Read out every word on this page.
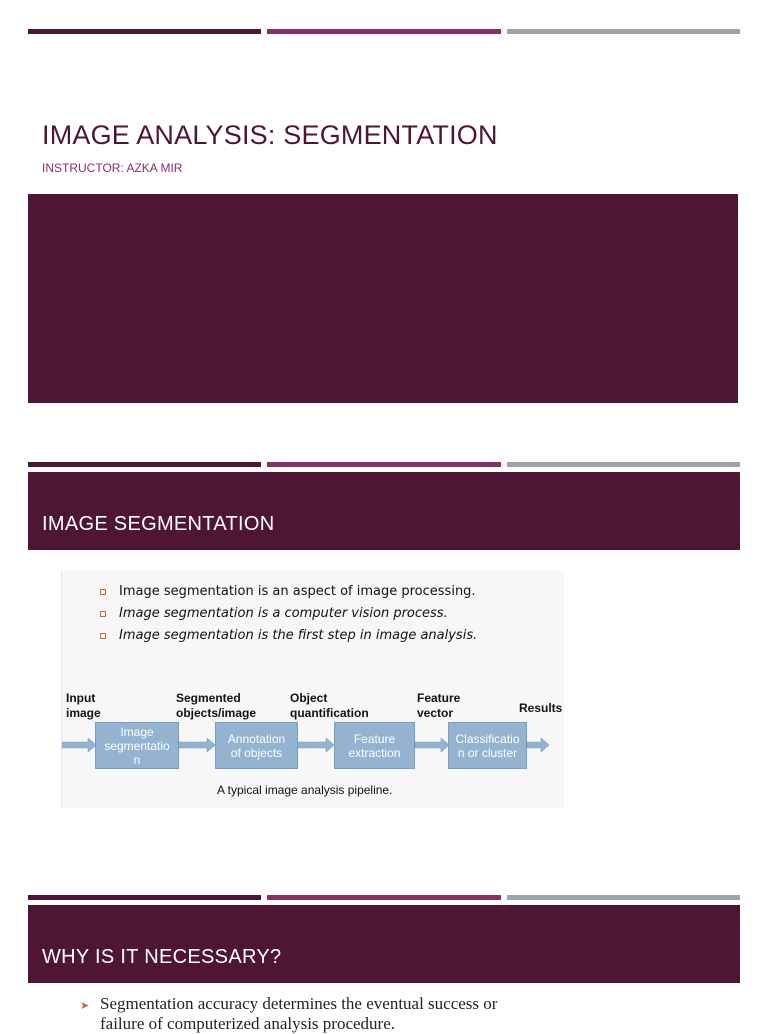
IMAGE ANALYSIS: SEGMENTATION
INSTRUCTOR: AZKA MIR
IMAGE SEGMENTATION
Image segmentation is an aspect of image processing.
Image segmentation is a computer vision process.
Image segmentation is the first step in image analysis.
Input
image
Segmented
objects/image
Object
quantification
Feature
vector	Results
Image
segmentatio
n
Annotation
of objects
Feature
extraction
Classificatio
n or cluster
A typical image analysis pipeline.
WHY IS IT NECESSARY?
➤ Segmentation accuracy determines the eventual success or failure of computerized analysis procedure.
